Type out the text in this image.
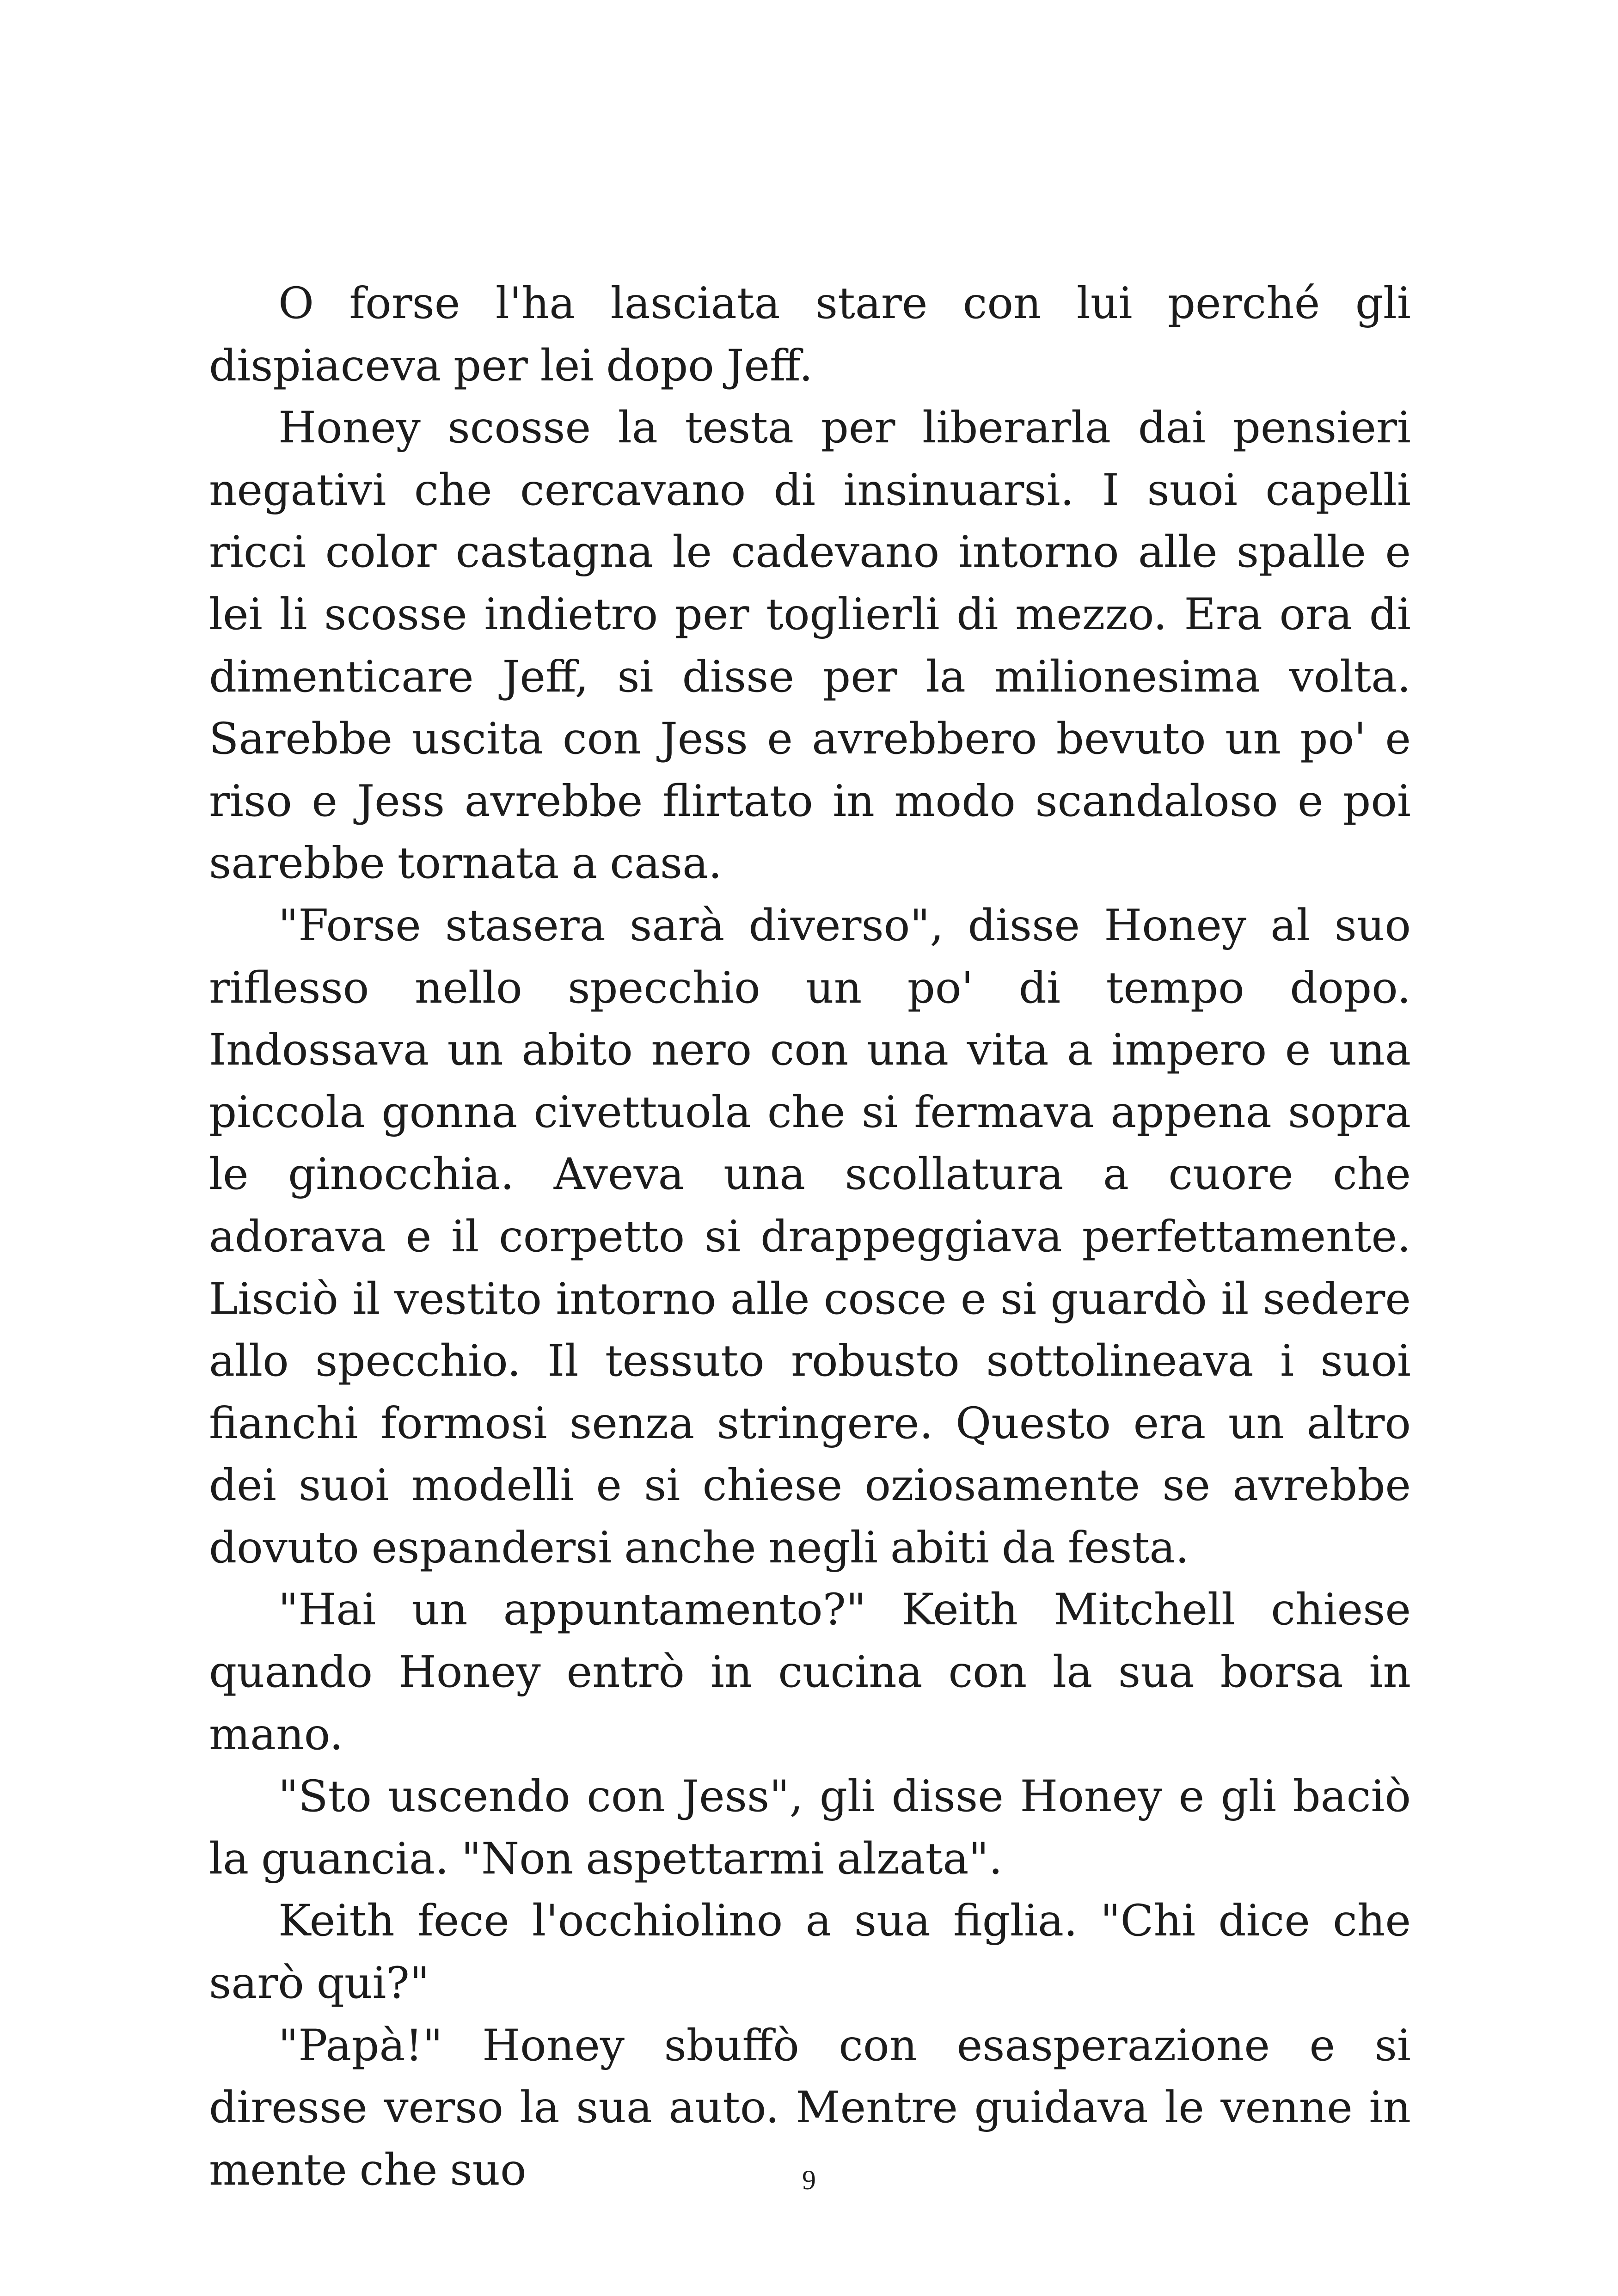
O forse l'ha lasciata stare con lui perché gli dispiaceva per lei dopo Jeff.

Honey scosse la testa per liberarla dai pensieri negativi che cercavano di insinuarsi. I suoi capelli ricci color castagna le cadevano intorno alle spalle e lei li scosse indietro per toglierli di mezzo. Era ora di dimenticare Jeff, si disse per la milionesima volta. Sarebbe uscita con Jess e avrebbero bevuto un po' e riso e Jess avrebbe flirtato in modo scandaloso e poi sarebbe tornata a casa.

"Forse stasera sarà diverso", disse Honey al suo riflesso nello specchio un po' di tempo dopo. Indossava un abito nero con una vita a impero e una piccola gonna civettuola che si fermava appena sopra le ginocchia. Aveva una scollatura a cuore che adorava e il corpetto si drappeggiava perfettamente. Lisciò il vestito intorno alle cosce e si guardò il sedere allo specchio. Il tessuto robusto sottolineava i suoi fianchi formosi senza stringere. Questo era un altro dei suoi modelli e si chiese oziosamente se avrebbe dovuto espandersi anche negli abiti da festa.

"Hai un appuntamento?" Keith Mitchell chiese quando Honey entrò in cucina con la sua borsa in mano.

"Sto uscendo con Jess", gli disse Honey e gli baciò la guancia. "Non aspettarmi alzata".

Keith fece l'occhiolino a sua figlia. "Chi dice che sarò qui?"

"Papà!" Honey sbuffò con esasperazione e si diresse verso la sua auto. Mentre guidava le venne in mente che suo	9
